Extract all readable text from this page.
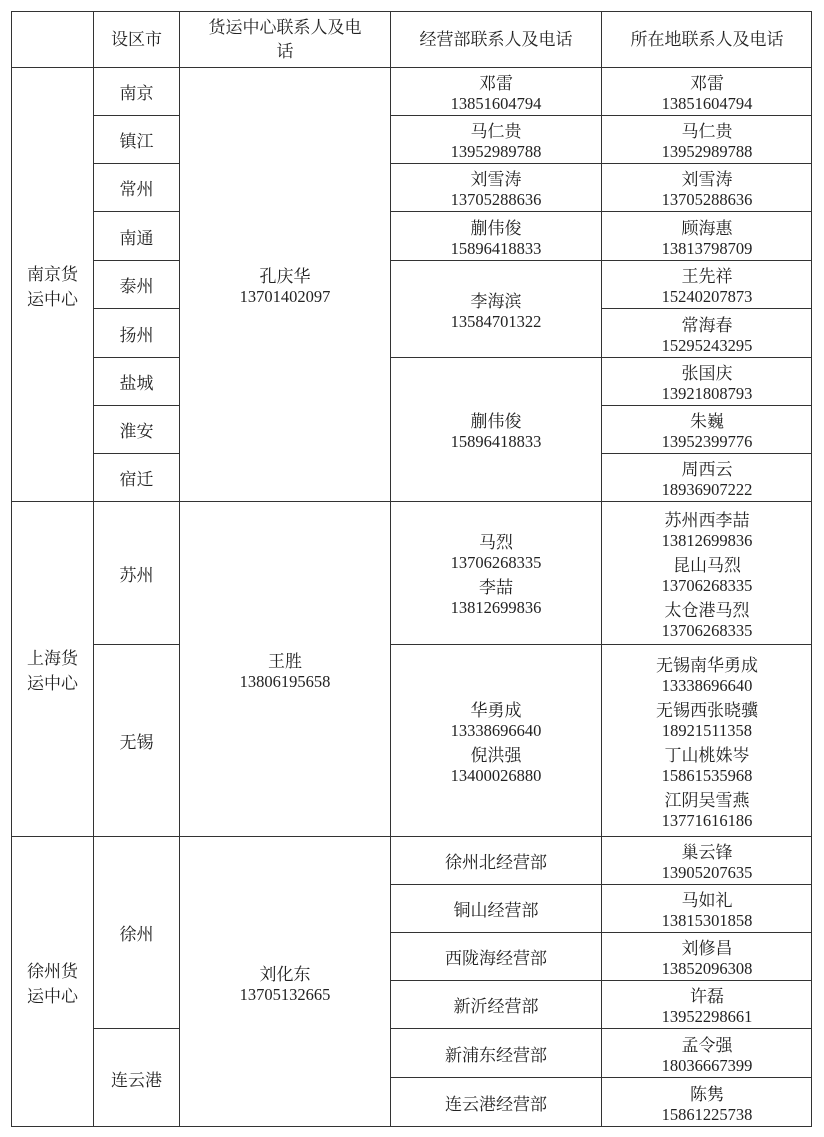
设区市
货运中心联系人及电
话
经营部联系人及电话	所在地联系人及电话
南京货
运中心
孔庆华
13701402097
南京
镇江
常州
南通
泰州
扬州
盐城
淮安
宿迁
邓雷
13851604794
马仁贵
13952989788
刘雪涛
13705288636
蒯伟俊
15896418833
李海滨
13584701322
蒯伟俊
15896418833
邓雷
13851604794
马仁贵
13952989788
刘雪涛
13705288636
顾海惠
13813798709
王先祥
15240207873
常海春
15295243295
张国庆
13921808793
朱巍
13952399776
周西云
18936907222
上海货
运中心
王胜
13806195658
苏州
无锡
马烈
13706268335
李喆
13812699836
苏州西李喆
13812699836
昆山马烈
13706268335
太仓港马烈
13706268335
华勇成
13338696640
倪洪强
13400026880
无锡南华勇成
13338696640
无锡西张晓骥
18921511358
丁山桃姝岑
15861535968
江阴吴雪燕
13771616186
徐州货
运中心
刘化东
13705132665
徐州
连云港
徐州北经营部
铜山经营部
西陇海经营部
新沂经营部
新浦东经营部
连云港经营部
巢云锋
13905207635
马如礼
13815301858
刘修昌
13852096308
许磊
13952298661
孟令强
18036667399
陈隽
15861225738
